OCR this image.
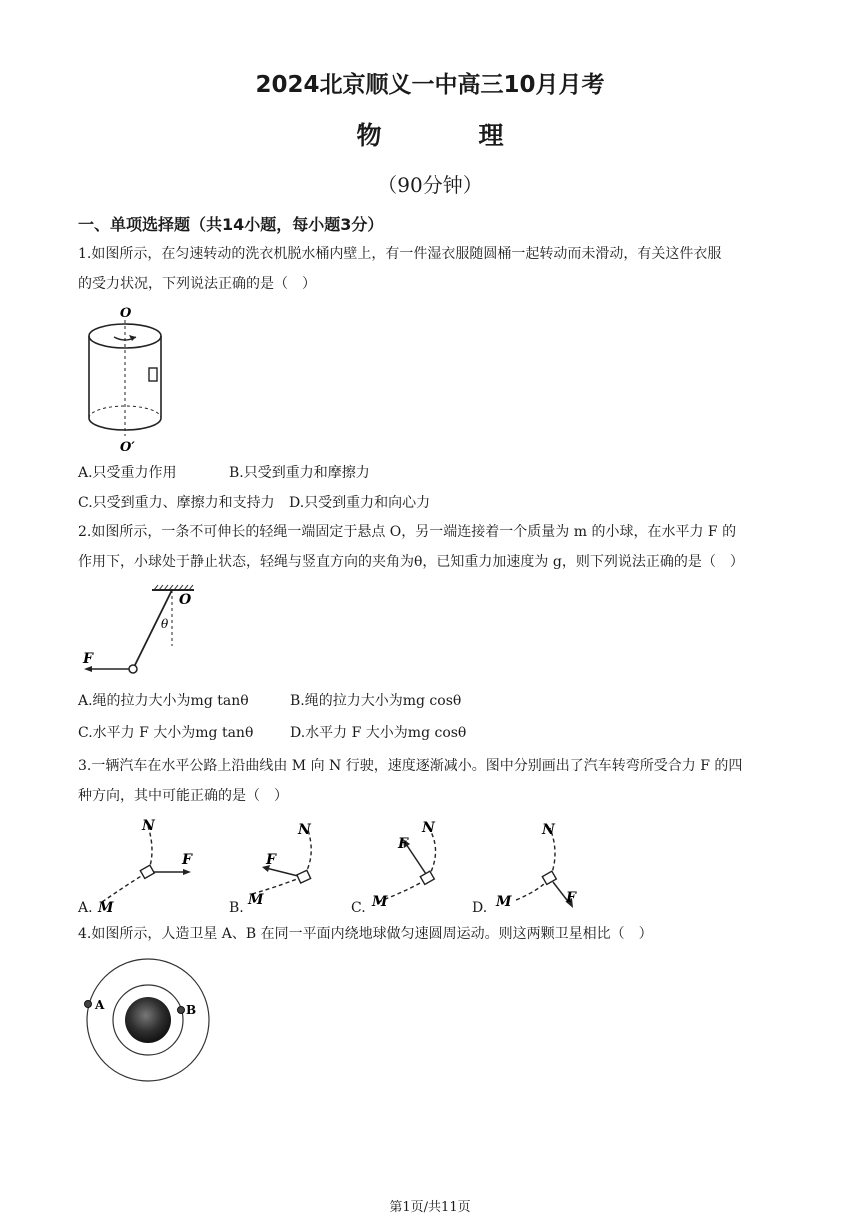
2024北京顺义一中高三10月月考
物　理
（90分钟）
一、单项选择题（共14小题，每小题3分）
1.如图所示，在匀速转动的洗衣机脱水桶内壁上，有一件湿衣服随圆桶一起转动而未滑动，有关这件衣服
的受力状况，下列说法正确的是（　）
O
O′
A.只受重力作用	B.只受到重力和摩擦力
C.只受到重力、摩擦力和支持力 D.只受到重力和向心力
2.如图所示，一条不可伸长的轻绳一端固定于悬点 O，另一端连接着一个质量为 m 的小球，在水平力 F 的
作用下，小球处于静止状态，轻绳与竖直方向的夹角为θ，已知重力加速度为 g，则下列说法正确的是（　）
O
θ
F
A.绳的拉力大小为mg tanθ	B.绳的拉力大小为mg cosθ
C.水平力 F 大小为mg tanθ	D.水平力 F 大小为mg cosθ
3.一辆汽车在水平公路上沿曲线由 M 向 N 行驶，速度逐渐减小。图中分别画出了汽车转弯所受合力 F 的四
种方向，其中可能正确的是（　）
N
F
M
A.
N
F
M
B.
N
F
M
C.
N
F
M
D.
4.如图所示，人造卫星 A、B 在同一平面内绕地球做匀速圆周运动。则这两颗卫星相比（　）
A	B
第1页/共11页
